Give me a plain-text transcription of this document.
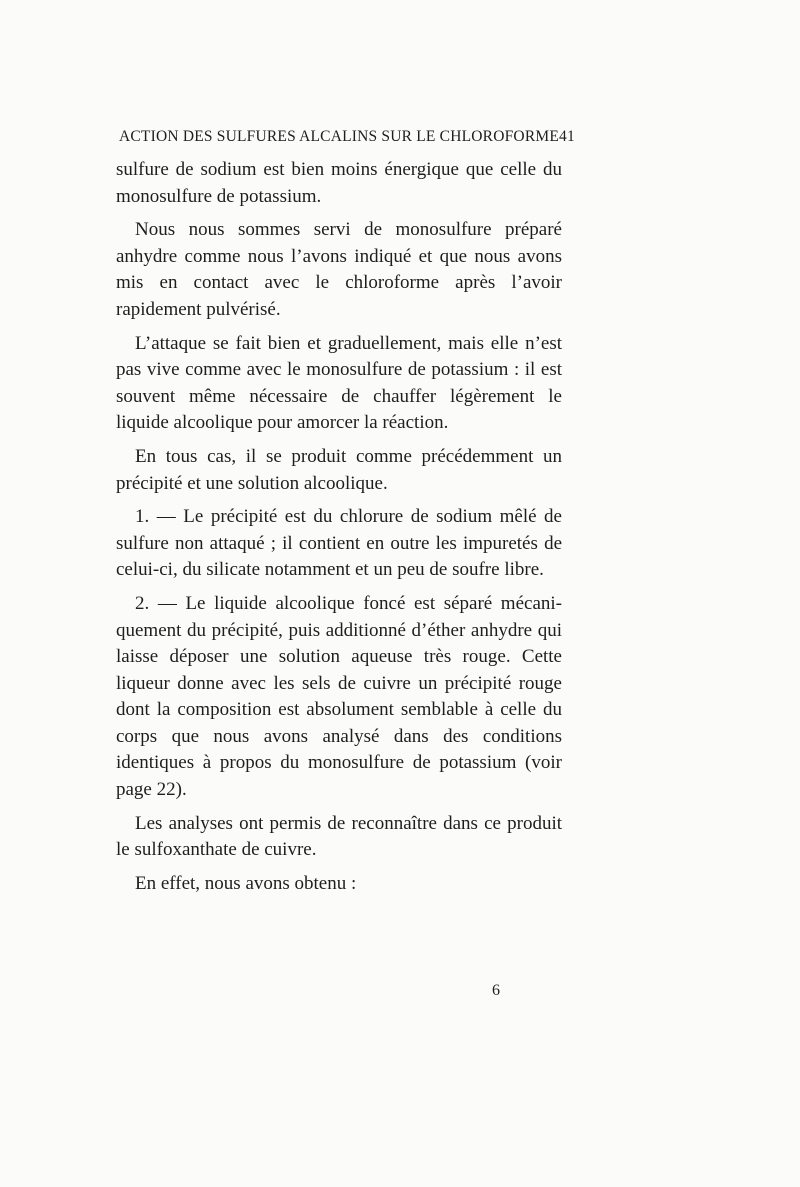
ACTION DES SULFURES ALCALINS SUR LE CHLOROFORME 41

sulfure de sodium est bien moins énergique que celle du monosulfure de potassium.

Nous nous sommes servi de monosulfure préparé anhydre comme nous l’avons indiqué et que nous avons mis en contact avec le chloroforme après l’avoir rapidement pulvérisé.

L’attaque se fait bien et graduellement, mais elle n’est pas vive comme avec le monosulfure de potassium : il est souvent même nécessaire de chauffer légèrement le liquide alcoolique pour amorcer la réaction.

En tous cas, il se produit comme précédemment un précipité et une solution alcoolique.

1. — Le précipité est du chlorure de sodium mêlé de sulfure non attaqué ; il contient en outre les impuretés de celui-ci, du silicate notamment et un peu de soufre libre.

2. — Le liquide alcoolique foncé est séparé mécaniquement du précipité, puis additionné d’éther anhydre qui laisse déposer une solution aqueuse très rouge. Cette liqueur donne avec les sels de cuivre un précipité rouge dont la composition est absolument semblable à celle du corps que nous avons analysé dans des conditions identiques à propos du monosulfure de potassium (voir page 22).

Les analyses ont permis de reconnaître dans ce produit le sulfoxanthate de cuivre.

En effet, nous avons obtenu :

6
